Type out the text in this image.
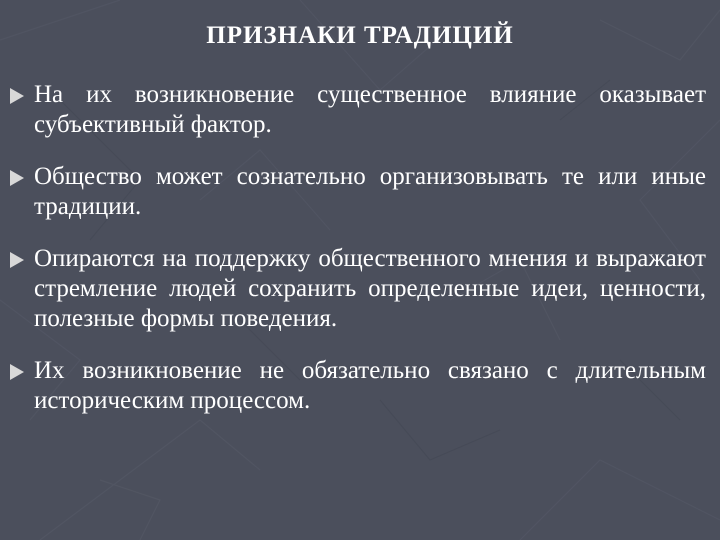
ПРИЗНАКИ ТРАДИЦИЙ
На их возникновение существенное влияние оказывает субъективный фактор.
Общество может сознательно организовывать те или иные традиции.
Опираются на поддержку общественного мнения и выражают стремление людей сохранить определенные идеи, ценности, полезные формы поведения.
Их возникновение не обязательно связано с длительным историческим процессом.
